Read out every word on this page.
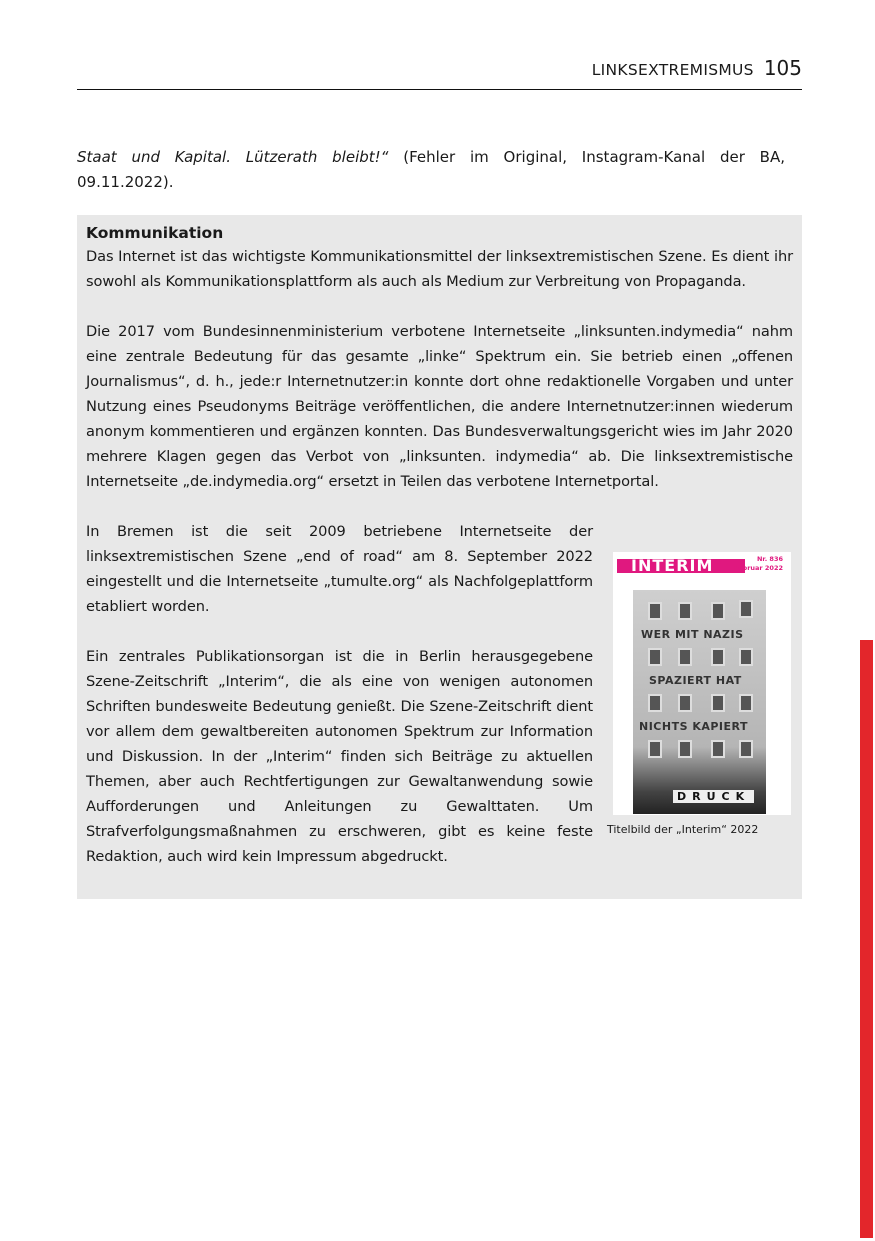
LINKSEXTREMISMUS 105

Staat und Kapital. Lützerath bleibt!“ (Fehler im Original, Instagram-Kanal der BA, 09.11.2022).

Kommunikation

Das Internet ist das wichtigste Kommunikationsmittel der linksextremistischen Szene. Es dient ihr sowohl als Kommunikationsplattform als auch als Medium zur Verbreitung von Propaganda.

Die 2017 vom Bundesinnenministerium verbotene Internetseite „linksunten.indymedia“ nahm eine zentrale Bedeutung für das gesamte „linke“ Spektrum ein. Sie betrieb einen „offenen Journalismus“, d. h., jede:r Internetnutzer:in konnte dort ohne redaktionelle Vorgaben und unter Nutzung eines Pseudonyms Beiträge veröffentlichen, die andere Internetnutzer:innen wiederum anonym kommentieren und ergänzen konnten. Das Bundesverwaltungsgericht wies im Jahr 2020 mehrere Klagen gegen das Verbot von „linksunten. indymedia“ ab. Die linksextremistische Internetseite „de.indymedia.org“ ersetzt in Teilen das verbotene Internetportal.

INTERIM	Nr. 836
Februar 2022
WER MIT NAZIS
SPAZIERT HAT
NICHTS KAPIERT
DRUCK
Titelbild der „Interim“ 2022

In Bremen ist die seit 2009 betriebene Internetseite der linksextremistischen Szene „end of road“ am 8. September 2022 eingestellt und die Internetseite „tumulte.org“ als Nachfolgeplattform etabliert worden.

Ein zentrales Publikationsorgan ist die in Berlin herausgegebene Szene-Zeitschrift „Interim“, die als eine von wenigen autonomen Schriften bundesweite Bedeutung genießt. Die Szene-Zeitschrift dient vor allem dem gewaltbereiten autonomen Spektrum zur Information und Diskussion. In der „Interim“ finden sich Beiträge zu aktuellen Themen, aber auch Rechtfertigungen zur Gewaltanwendung sowie Aufforderungen und Anleitungen zu Gewalttaten. Um Strafverfolgungsmaßnahmen zu erschweren, gibt es keine feste Redaktion, auch wird kein Impressum abgedruckt.
